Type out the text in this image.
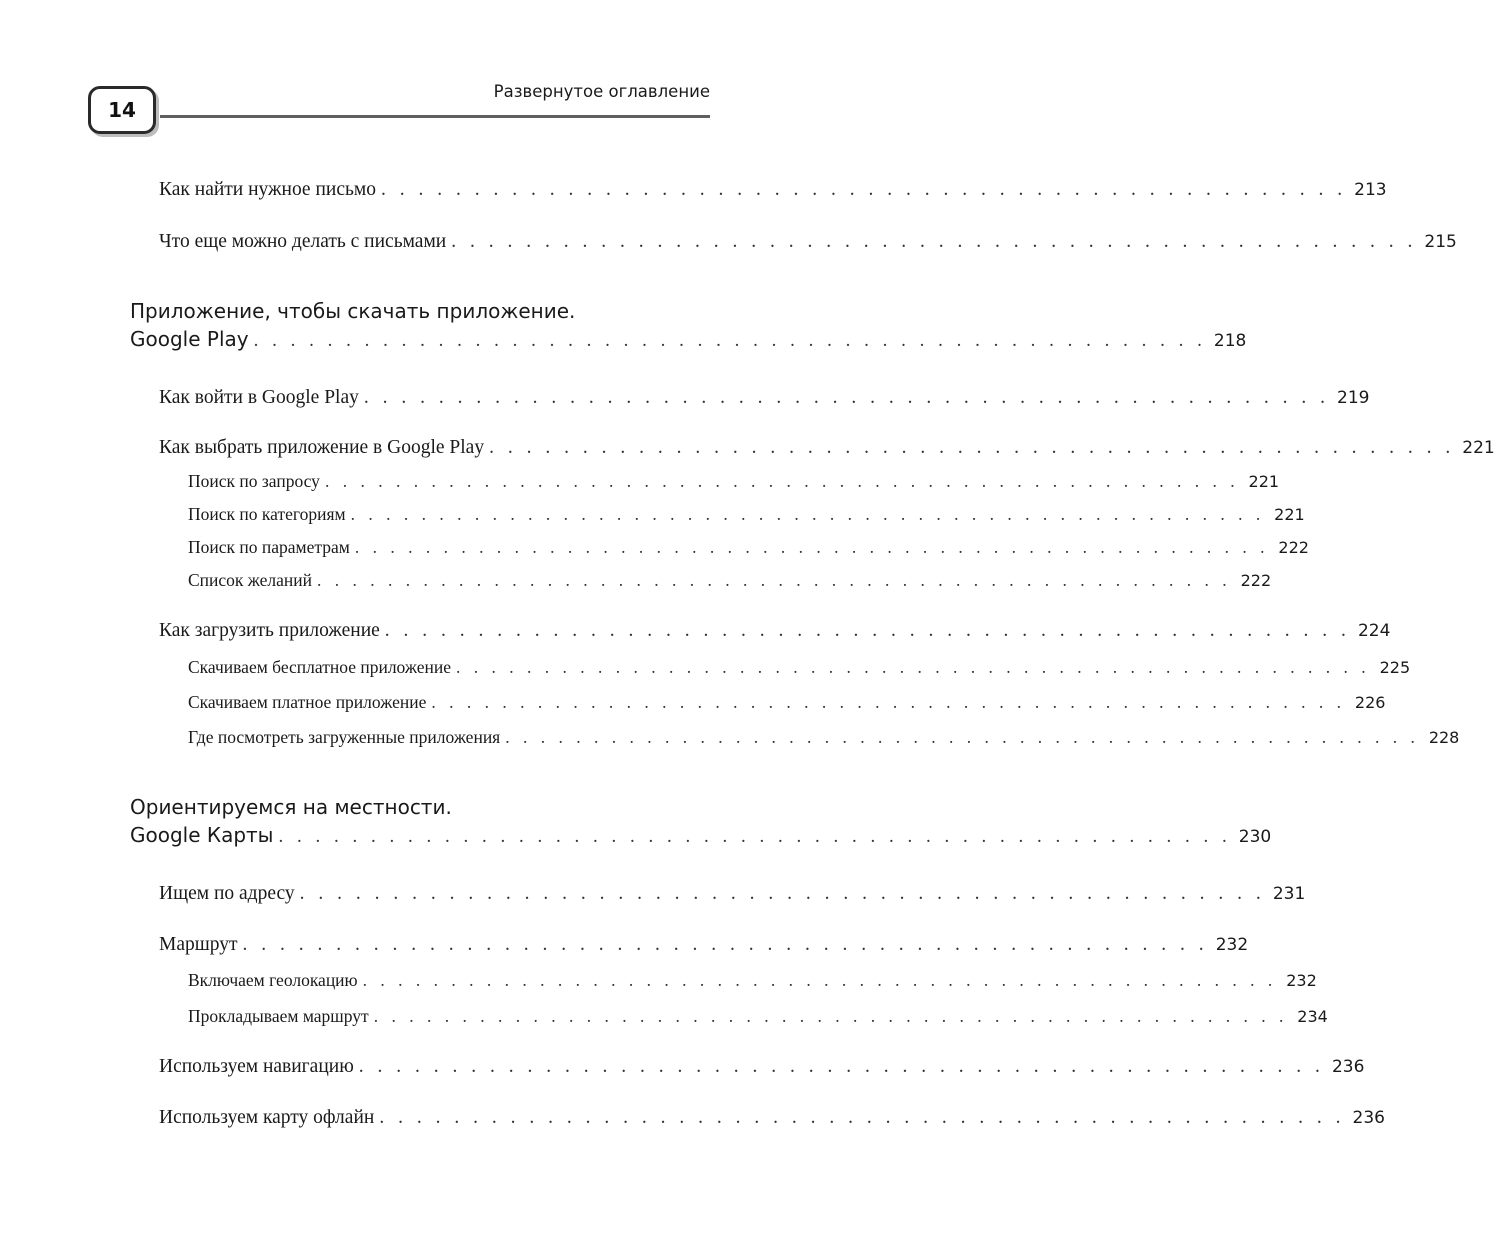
Развернутое оглавление
14
Как найти нужное письмо . . . . . . . . . . . . . . . . . . . . . . . . . . . . . . . . . . . . . . . . . . . . . . . . . . . . 213
Что еще можно делать с письмами . . . . . . . . . . . . . . . . . . . . . . . . . . . . . . . . . . . . . . . . . . . . . . . . . . . . 215
Приложение, чтобы скачать приложение.
Google Play . . . . . . . . . . . . . . . . . . . . . . . . . . . . . . . . . . . . . . . . . . . . . . . . . . . . 218
Как войти в Google Play . . . . . . . . . . . . . . . . . . . . . . . . . . . . . . . . . . . . . . . . . . . . . . . . . . . . 219
Как выбрать приложение в Google Play . . . . . . . . . . . . . . . . . . . . . . . . . . . . . . . . . . . . . . . . . . . . . . . . . . . . 221
Поиск по запросу . . . . . . . . . . . . . . . . . . . . . . . . . . . . . . . . . . . . . . . . . . . . . . . . . . . . 221
Поиск по категориям . . . . . . . . . . . . . . . . . . . . . . . . . . . . . . . . . . . . . . . . . . . . . . . . . . . . 221
Поиск по параметрам . . . . . . . . . . . . . . . . . . . . . . . . . . . . . . . . . . . . . . . . . . . . . . . . . . . . 222
Список желаний . . . . . . . . . . . . . . . . . . . . . . . . . . . . . . . . . . . . . . . . . . . . . . . . . . . . 222
Как загрузить приложение . . . . . . . . . . . . . . . . . . . . . . . . . . . . . . . . . . . . . . . . . . . . . . . . . . . . 224
Скачиваем бесплатное приложение . . . . . . . . . . . . . . . . . . . . . . . . . . . . . . . . . . . . . . . . . . . . . . . . . . . . 225
Скачиваем платное приложение . . . . . . . . . . . . . . . . . . . . . . . . . . . . . . . . . . . . . . . . . . . . . . . . . . . . 226
Где посмотреть загруженные приложения . . . . . . . . . . . . . . . . . . . . . . . . . . . . . . . . . . . . . . . . . . . . . . . . . . . . 228
Ориентируемся на местности.
Google Карты . . . . . . . . . . . . . . . . . . . . . . . . . . . . . . . . . . . . . . . . . . . . . . . . . . . . 230
Ищем по адресу . . . . . . . . . . . . . . . . . . . . . . . . . . . . . . . . . . . . . . . . . . . . . . . . . . . . 231
Маршрут . . . . . . . . . . . . . . . . . . . . . . . . . . . . . . . . . . . . . . . . . . . . . . . . . . . . 232
Включаем геолокацию . . . . . . . . . . . . . . . . . . . . . . . . . . . . . . . . . . . . . . . . . . . . . . . . . . . . 232
Прокладываем маршрут . . . . . . . . . . . . . . . . . . . . . . . . . . . . . . . . . . . . . . . . . . . . . . . . . . . . 234
Используем навигацию . . . . . . . . . . . . . . . . . . . . . . . . . . . . . . . . . . . . . . . . . . . . . . . . . . . . 236
Используем карту офлайн . . . . . . . . . . . . . . . . . . . . . . . . . . . . . . . . . . . . . . . . . . . . . . . . . . . . 236
